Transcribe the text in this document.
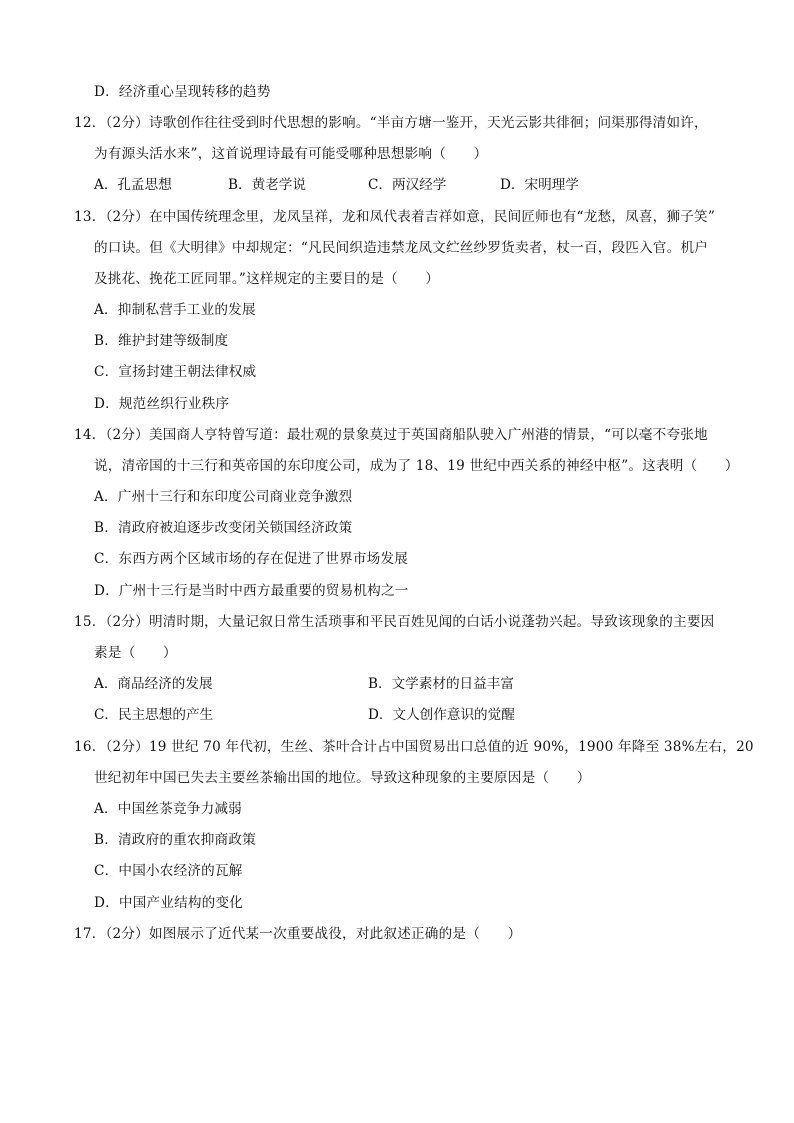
D．经济重心呈现转移的趋势
12．（2分）诗歌创作往往受到时代思想的影响。“半亩方塘一鉴开，天光云影共徘徊；问渠那得清如许，
为有源头活水来”，这首说理诗最有可能受哪种思想影响（　　）
A．孔孟思想	B．黄老学说	C．两汉经学	D．宋明理学
13．（2分）在中国传统理念里，龙凤呈祥，龙和凤代表着吉祥如意，民间匠师也有“龙愁，凤喜，狮子笑”
的口诀。但《大明律》中却规定：“凡民间织造违禁龙凤文纻丝纱罗货卖者，杖一百，段匹入官。机户
及挑花、挽花工匠同罪。”这样规定的主要目的是（　　）
A．抑制私营手工业的发展
B．维护封建等级制度
C．宣扬封建王朝法律权威
D．规范丝织行业秩序
14．（2分）美国商人亨特曾写道：最壮观的景象莫过于英国商船队驶入广州港的情景，“可以毫不夸张地
说，清帝国的十三行和英帝国的东印度公司，成为了 18、19 世纪中西关系的神经中枢”。这表明（　　）
A．广州十三行和东印度公司商业竞争激烈
B．清政府被迫逐步改变闭关锁国经济政策
C．东西方两个区域市场的存在促进了世界市场发展
D．广州十三行是当时中西方最重要的贸易机构之一
15．（2分）明清时期，大量记叙日常生活琐事和平民百姓见闻的白话小说蓬勃兴起。导致该现象的主要因
素是（　　）
A．商品经济的发展	B．文学素材的日益丰富
C．民主思想的产生	D．文人创作意识的觉醒
16．（2分）19 世纪 70 年代初，生丝、茶叶合计占中国贸易出口总值的近 90%，1900 年降至 38%左右，20
世纪初年中国已失去主要丝茶输出国的地位。导致这种现象的主要原因是（　　）
A．中国丝茶竞争力减弱
B．清政府的重农抑商政策
C．中国小农经济的瓦解
D．中国产业结构的变化
17．（2分）如图展示了近代某一次重要战役，对此叙述正确的是（　　）
